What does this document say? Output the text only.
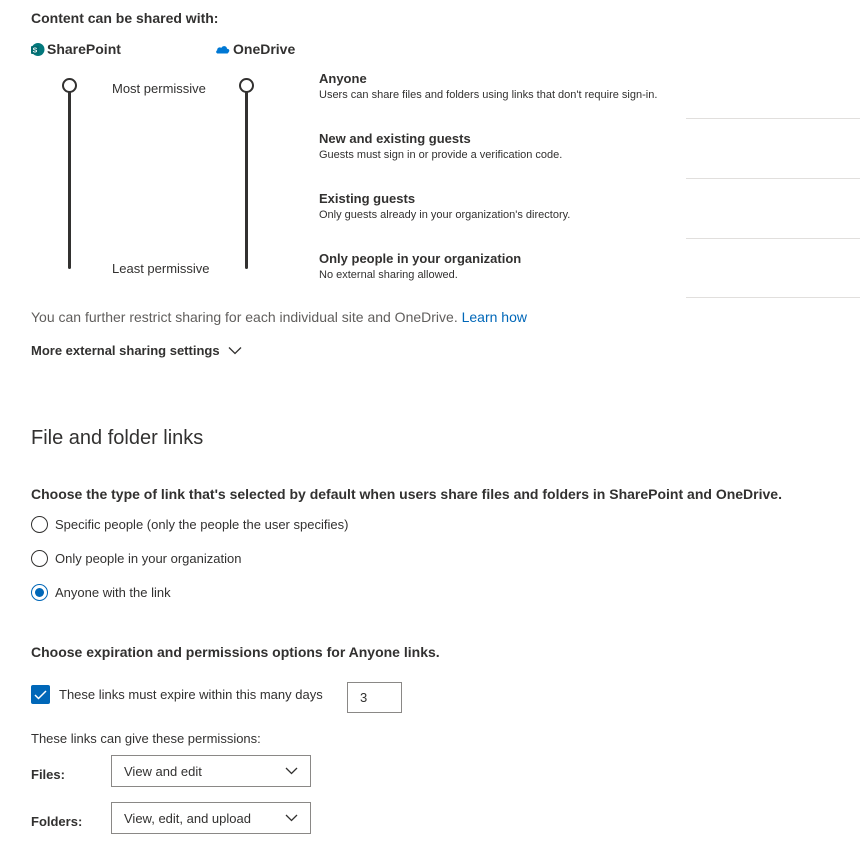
Content can be shared with:
S SharePoint	OneDrive
Most permissive
Least permissive
Anyone
Users can share files and folders using links that don't require sign-in.
New and existing guests
Guests must sign in or provide a verification code.
Existing guests
Only guests already in your organization's directory.
Only people in your organization
No external sharing allowed.
You can further restrict sharing for each individual site and OneDrive. Learn how
More external sharing settings
File and folder links
Choose the type of link that's selected by default when users share files and folders in SharePoint and OneDrive.
Specific people (only the people the user specifies)
Only people in your organization
Anyone with the link
Choose expiration and permissions options for Anyone links.
These links must expire within this many days
3
These links can give these permissions:
Files:	View and edit
Folders:	View, edit, and upload
